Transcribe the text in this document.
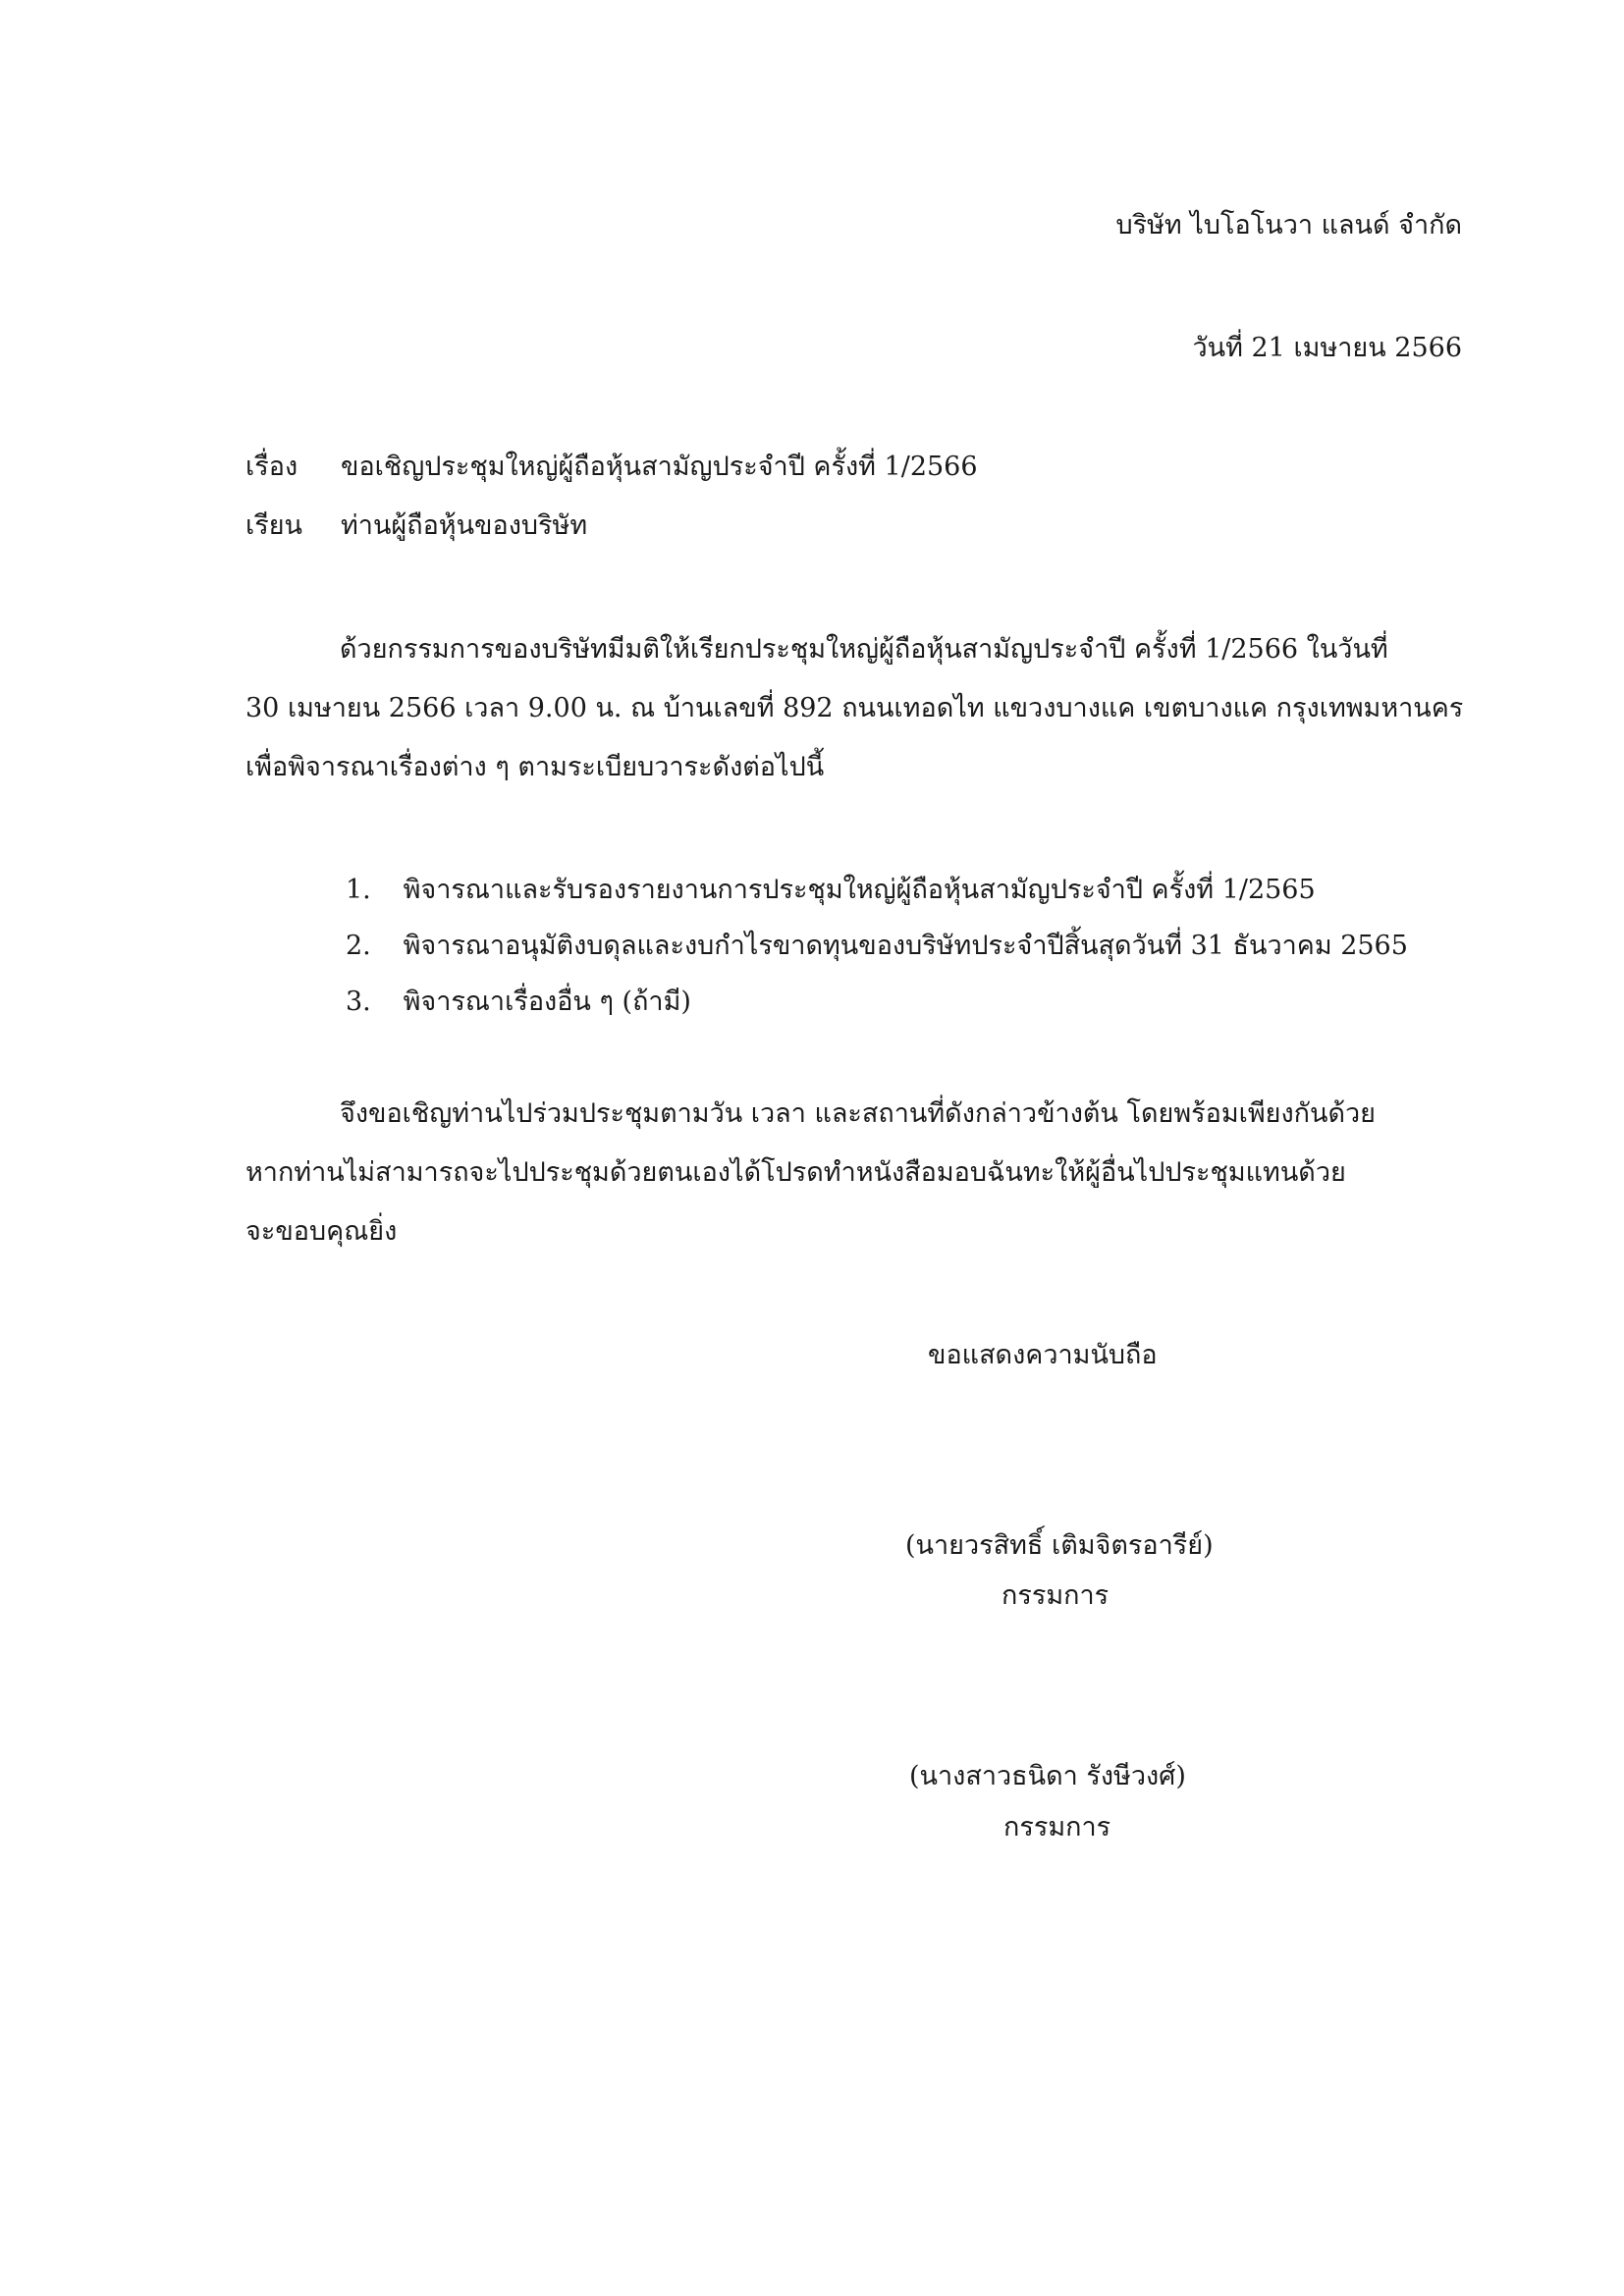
บริษัท ไบโอโนวา แลนด์ จำกัด
วันที่ 21 เมษายน 2566
เรื่อง ขอเชิญประชุมใหญ่ผู้ถือหุ้นสามัญประจำปี ครั้งที่ 1/2566
เรียน ท่านผู้ถือหุ้นของบริษัท
ด้วยกรรมการของบริษัทมีมติให้เรียกประชุมใหญ่ผู้ถือหุ้นสามัญประจำปี ครั้งที่ 1/2566 ในวันที่
30 เมษายน 2566 เวลา 9.00 น. ณ บ้านเลขที่ 892 ถนนเทอดไท แขวงบางแค เขตบางแค กรุงเทพมหานคร
เพื่อพิจารณาเรื่องต่าง ๆ ตามระเบียบวาระดังต่อไปนี้
1. พิจารณาและรับรองรายงานการประชุมใหญ่ผู้ถือหุ้นสามัญประจำปี ครั้งที่ 1/2565
2. พิจารณาอนุมัติงบดุลและงบกำไรขาดทุนของบริษัทประจำปีสิ้นสุดวันที่ 31 ธันวาคม 2565
3. พิจารณาเรื่องอื่น ๆ (ถ้ามี)
จึงขอเชิญท่านไปร่วมประชุมตามวัน เวลา และสถานที่ดังกล่าวข้างต้น โดยพร้อมเพียงกันด้วย
หากท่านไม่สามารถจะไปประชุมด้วยตนเองได้โปรดทำหนังสือมอบฉันทะให้ผู้อื่นไปประชุมแทนด้วย
จะขอบคุณยิ่ง
ขอแสดงความนับถือ
(นายวรสิทธิ์ เติมจิตรอารีย์)
กรรมการ
(นางสาวธนิดา รังษีวงศ์)
กรรมการ
